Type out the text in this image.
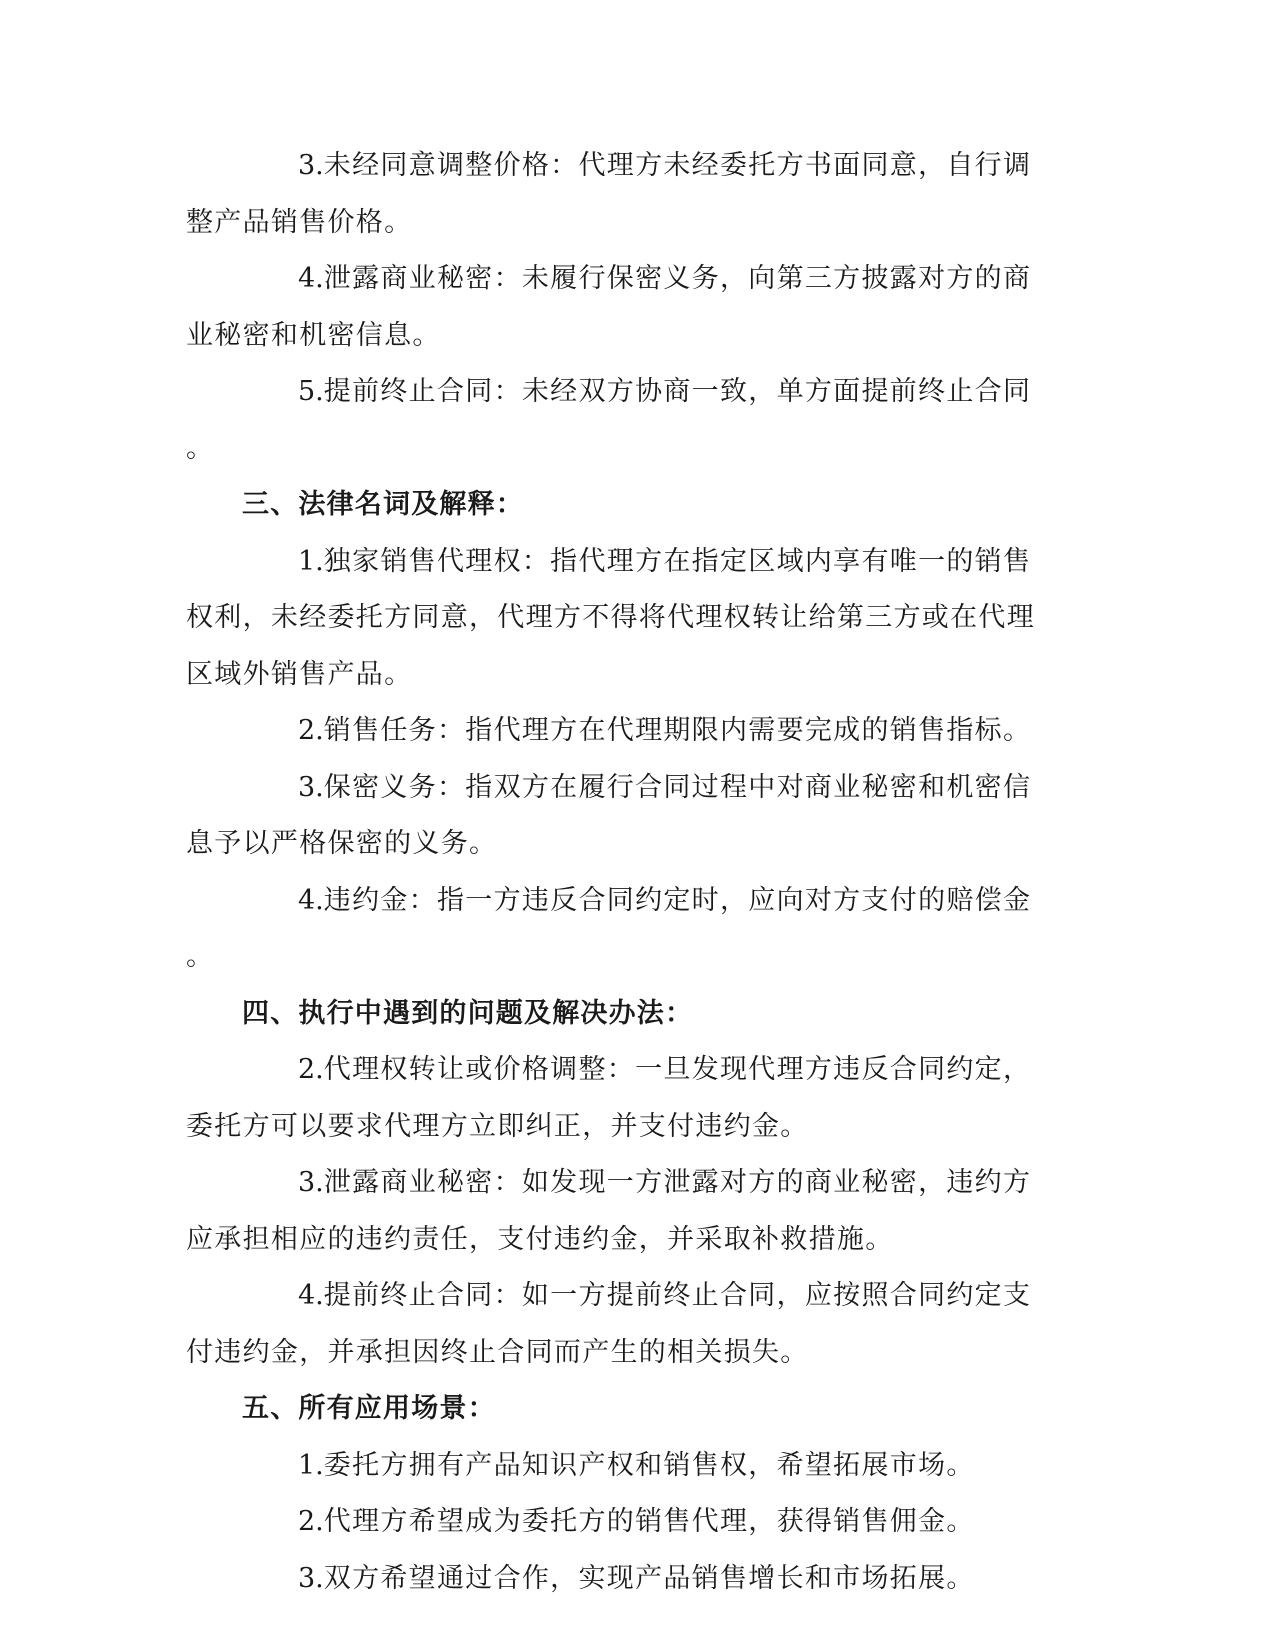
3.未经同意调整价格：代理方未经委托方书面同意，自行调整产品销售价格。

4.泄露商业秘密：未履行保密义务，向第三方披露对方的商业秘密和机密信息。

5.提前终止合同：未经双方协商一致，单方面提前终止合同。

三、法律名词及解释：

1.独家销售代理权：指代理方在指定区域内享有唯一的销售权利，未经委托方同意，代理方不得将代理权转让给第三方或在代理区域外销售产品。

2.销售任务：指代理方在代理期限内需要完成的销售指标。

3.保密义务：指双方在履行合同过程中对商业秘密和机密信息予以严格保密的义务。

4.违约金：指一方违反合同约定时，应向对方支付的赔偿金。

四、执行中遇到的问题及解决办法：

2.代理权转让或价格调整：一旦发现代理方违反合同约定，委托方可以要求代理方立即纠正，并支付违约金。

3.泄露商业秘密：如发现一方泄露对方的商业秘密，违约方应承担相应的违约责任，支付违约金，并采取补救措施。

4.提前终止合同：如一方提前终止合同，应按照合同约定支付违约金，并承担因终止合同而产生的相关损失。

五、所有应用场景：

1.委托方拥有产品知识产权和销售权，希望拓展市场。

2.代理方希望成为委托方的销售代理，获得销售佣金。

3.双方希望通过合作，实现产品销售增长和市场拓展。
